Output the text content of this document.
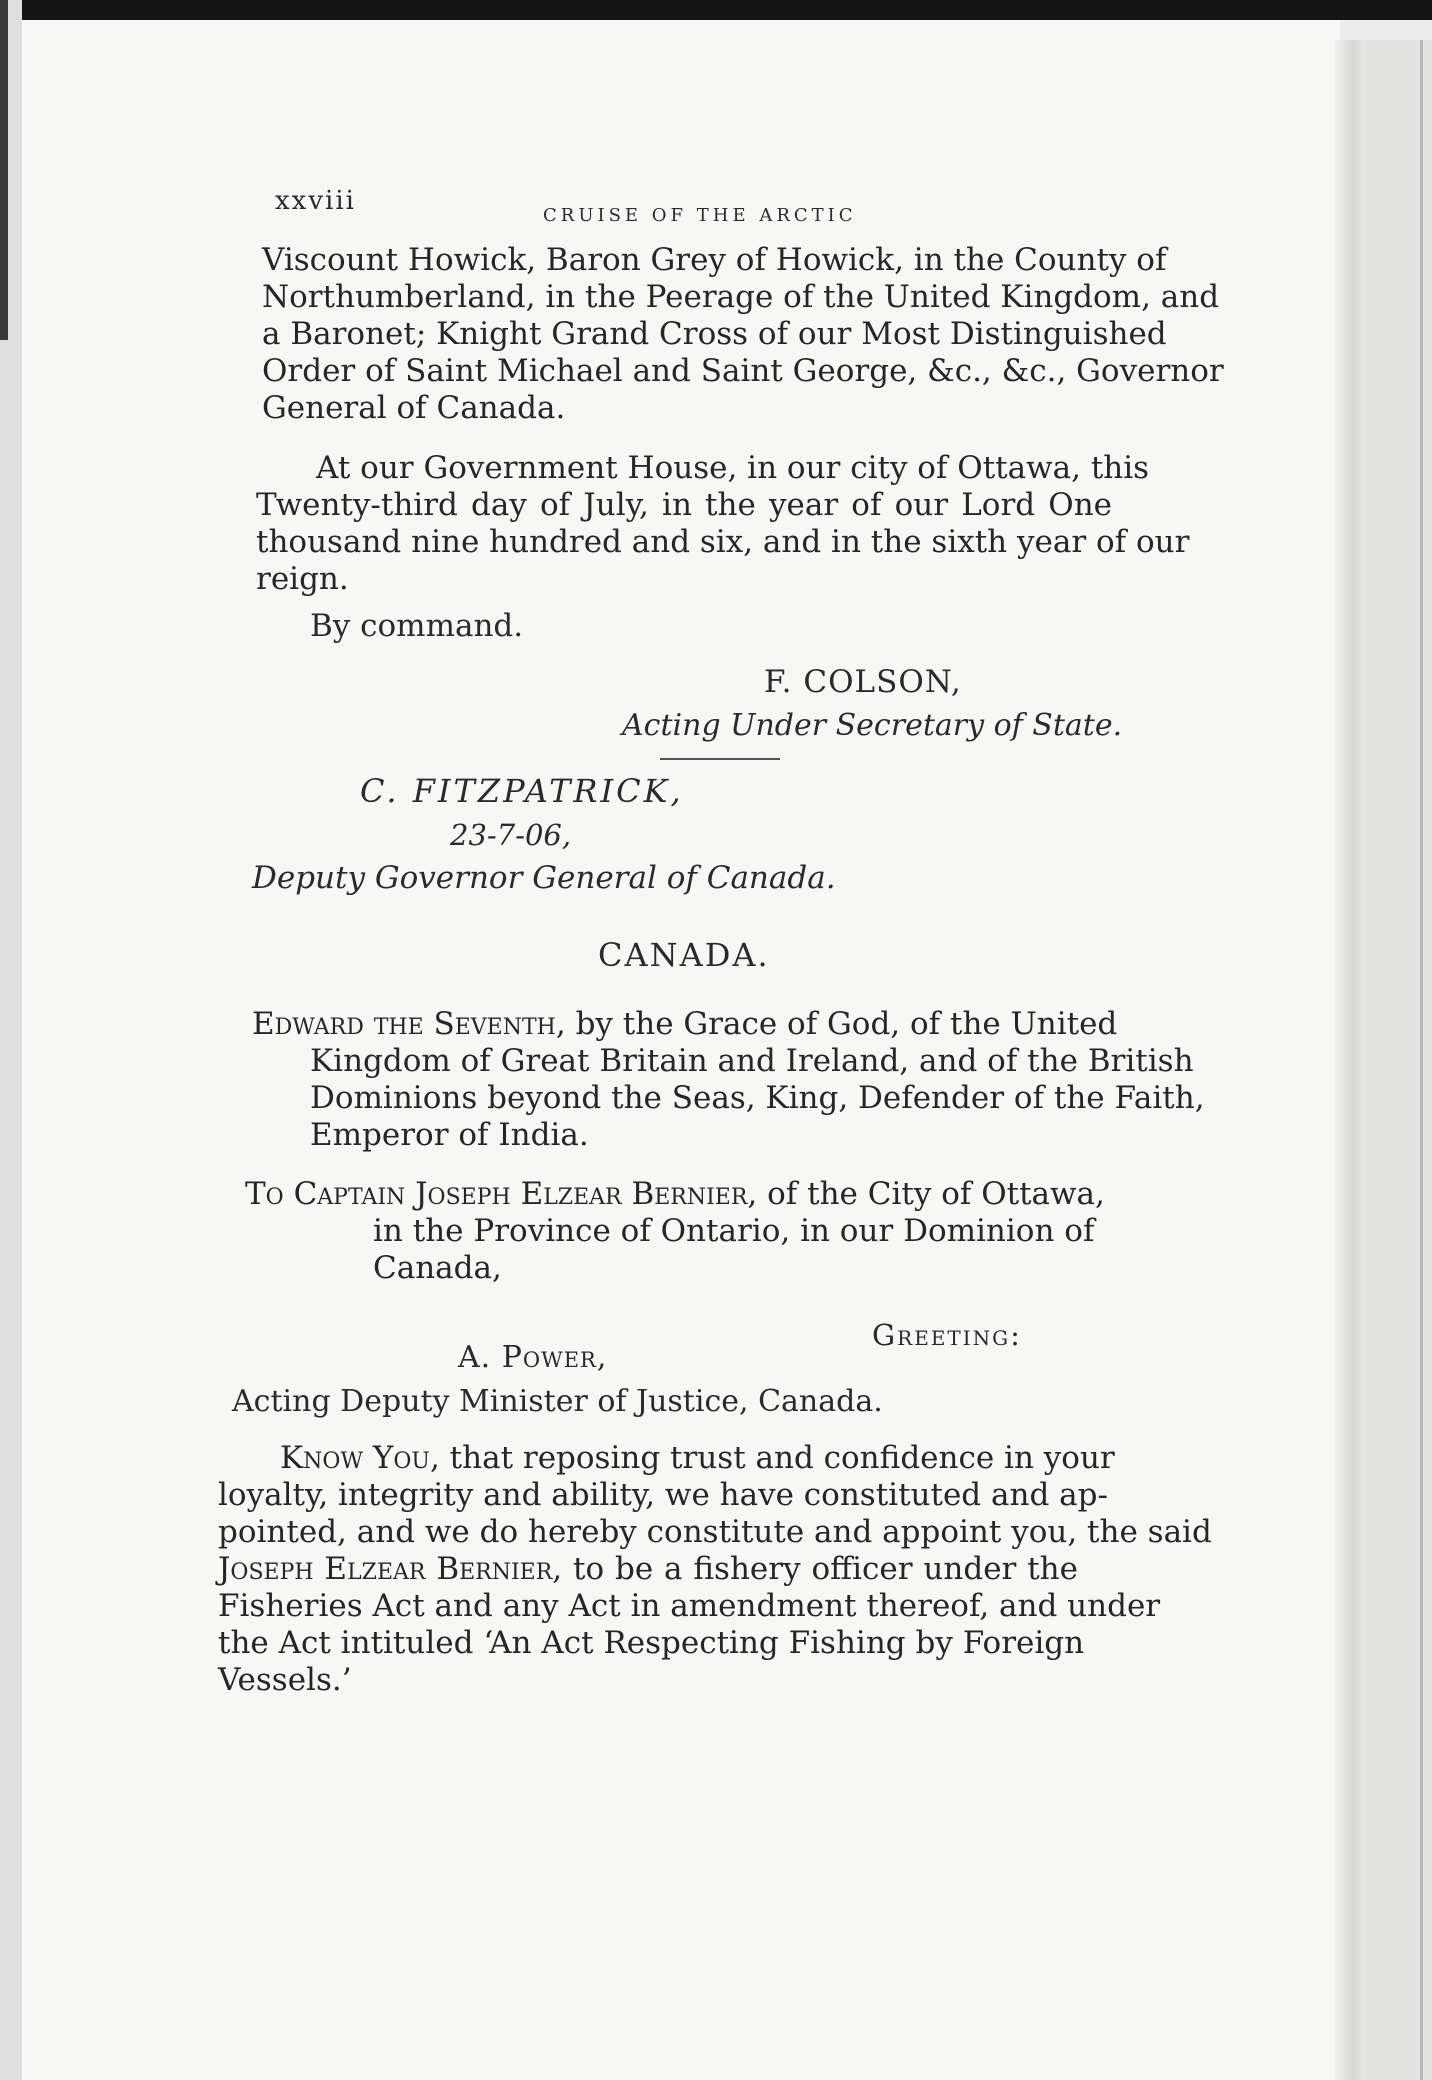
xxviii	CRUISE OF THE ARCTIC
Viscount Howick, Baron Grey of Howick, in the County of
Northumberland, in the Peerage of the United Kingdom, and
a Baronet; Knight Grand Cross of our Most Distinguished
Order of Saint Michael and Saint George, &c., &c., Governor
General of Canada.
At our Government House, in our city of Ottawa, this
Twenty-third day of July, in the year of our Lord One
thousand nine hundred and six, and in the sixth year of our
reign.
By command.
F. COLSON,
Acting Under Secretary of State.
C. FITZPATRICK,
23-7-06,
Deputy Governor General of Canada.
CANADA.
Edward the Seventh, by the Grace of God, of the United
Kingdom of Great Britain and Ireland, and of the British
Dominions beyond the Seas, King, Defender of the Faith,
Emperor of India.
To Captain Joseph Elzear Bernier, of the City of Ottawa,
in the Province of Ontario, in our Dominion of
Canada,
Greeting:
A. Power,
Acting Deputy Minister of Justice, Canada.
Know You, that reposing trust and confidence in your
loyalty, integrity and ability, we have constituted and ap-
pointed, and we do hereby constitute and appoint you, the said
Joseph Elzear Bernier, to be a fishery officer under the
Fisheries Act and any Act in amendment thereof, and under
the Act intituled ‘An Act Respecting Fishing by Foreign
Vessels.’
